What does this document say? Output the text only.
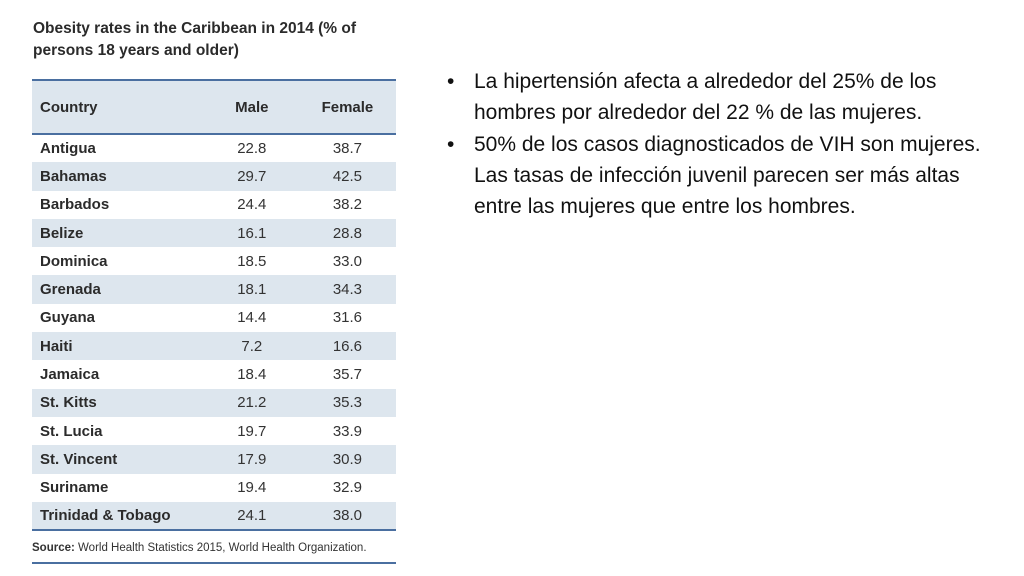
Obesity rates in the Caribbean in 2014 (% of persons 18 years and older)
Country	Male	Female
Antigua	22.8	38.7
Bahamas	29.7	42.5
Barbados	24.4	38.2
Belize	16.1	28.8
Dominica	18.5	33.0
Grenada	18.1	34.3
Guyana	14.4	31.6
Haiti	7.2	16.6
Jamaica	18.4	35.7
St. Kitts	21.2	35.3
St. Lucia	19.7	33.9
St. Vincent	17.9	30.9
Suriname	19.4	32.9
Trinidad & Tobago	24.1	38.0
Source: World Health Statistics 2015, World Health Organization.
• La hipertensión afecta a alrededor del 25% de los hombres por alrededor del 22 % de las mujeres.
• 50% de los casos diagnosticados de VIH son mujeres. Las tasas de infección juvenil parecen ser más altas entre las mujeres que entre los hombres.
